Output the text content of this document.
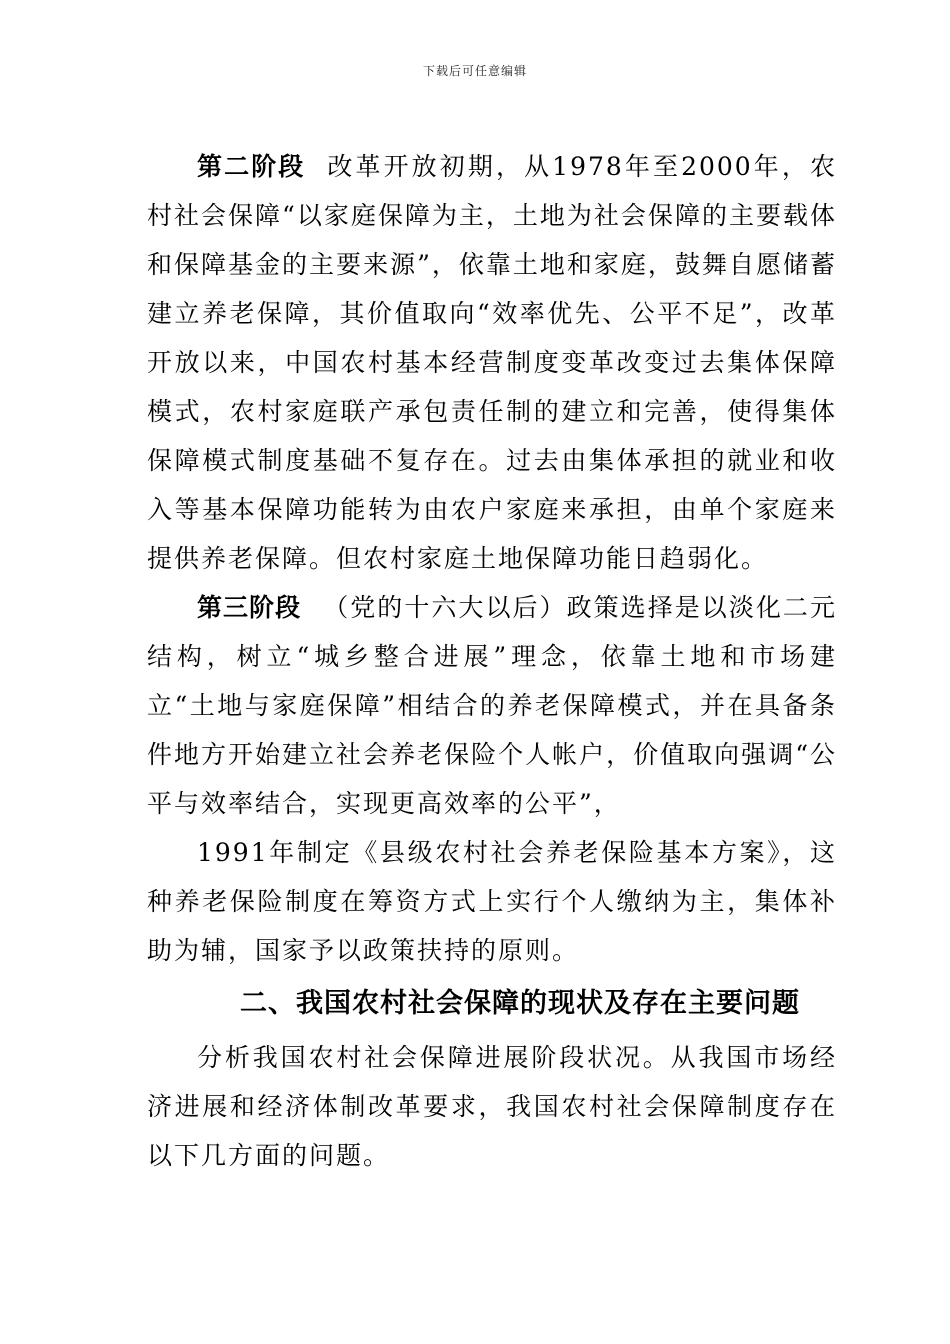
下载后可任意编辑

第二阶段 改革开放初期，从1978年至2000年，农村社会保障“以家庭保障为主，土地为社会保障的主要载体和保障基金的主要来源”，依靠土地和家庭，鼓舞自愿储蓄建立养老保障，其价值取向“效率优先、公平不足”，改革开放以来，中国农村基本经营制度变革改变过去集体保障模式，农村家庭联产承包责任制的建立和完善，使得集体保障模式制度基础不复存在。过去由集体承担的就业和收入等基本保障功能转为由农户家庭来承担，由单个家庭来提供养老保障。但农村家庭土地保障功能日趋弱化。

第三阶段 （党的十六大以后）政策选择是以淡化二元结构，树立“城乡整合进展”理念，依靠土地和市场建立“土地与家庭保障”相结合的养老保障模式，并在具备条件地方开始建立社会养老保险个人帐户，价值取向强调“公平与效率结合，实现更高效率的公平”，

1991年制定《县级农村社会养老保险基本方案》，这种养老保险制度在筹资方式上实行个人缴纳为主，集体补助为辅，国家予以政策扶持的原则。

二、我国农村社会保障的现状及存在主要问题

分析我国农村社会保障进展阶段状况。从我国市场经济进展和经济体制改革要求，我国农村社会保障制度存在以下几方面的问题。
